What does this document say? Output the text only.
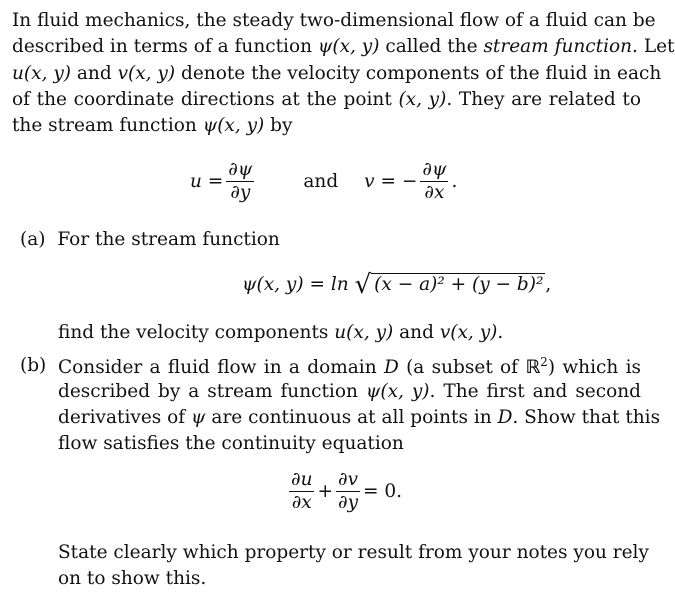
In fluid mechanics, the steady two-dimensional flow of a fluid can be
described in terms of a function ψ(x, y) called the stream function. Let
u(x, y) and v(x, y) denote the velocity components of the fluid in each
of the coordinate directions at the point (x, y). They are related to
the stream function ψ(x, y) by
$u = \frac{\partial\psi}{\partial y}$	and v = − $\frac{\partial\psi}{\partial x}$ .
(a) For the stream function
ψ(x, y) = ln √ (x − a)² + (y − b)² ,
find the velocity components u(x, y) and v(x, y).
(b) Consider a fluid flow in a domain D (a subset of ℝ$^2$) which is
described by a stream function ψ(x, y). The first and second
derivatives of ψ are continuous at all points in D. Show that this
flow satisfies the continuity equation
$\frac{\partial u}{\partial x} + \frac{\partial v}{\partial y} = 0$.
State clearly which property or result from your notes you rely
on to show this.
